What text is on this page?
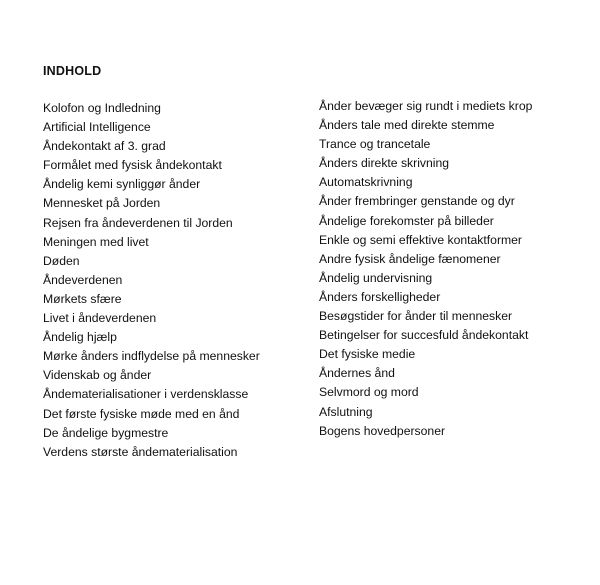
INDHOLD
Kolofon og Indledning
Artificial Intelligence
Åndekontakt af 3. grad
Formålet med fysisk åndekontakt
Åndelig kemi synliggør ånder
Mennesket på Jorden
Rejsen fra åndeverdenen til Jorden
Meningen med livet
Døden
Åndeverdenen
Mørkets sfære
Livet i åndeverdenen
Åndelig hjælp
Mørke ånders indflydelse på mennesker
Videnskab og ånder
Åndematerialisationer i verdensklasse
Det første fysiske møde med en ånd
De åndelige bygmestre
Verdens største åndematerialisation
Ånder bevæger sig rundt i mediets krop
Ånders tale med direkte stemme
Trance og trancetale
Ånders direkte skrivning
Automatskrivning
Ånder frembringer genstande og dyr
Åndelige forekomster på billeder
Enkle og semi effektive kontaktformer
Andre fysisk åndelige fænomener
Åndelig undervisning
Ånders forskelligheder
Besøgstider for ånder til mennesker
Betingelser for succesfuld åndekontakt
Det fysiske medie
Åndernes ånd
Selvmord og mord
Afslutning
Bogens hovedpersoner
